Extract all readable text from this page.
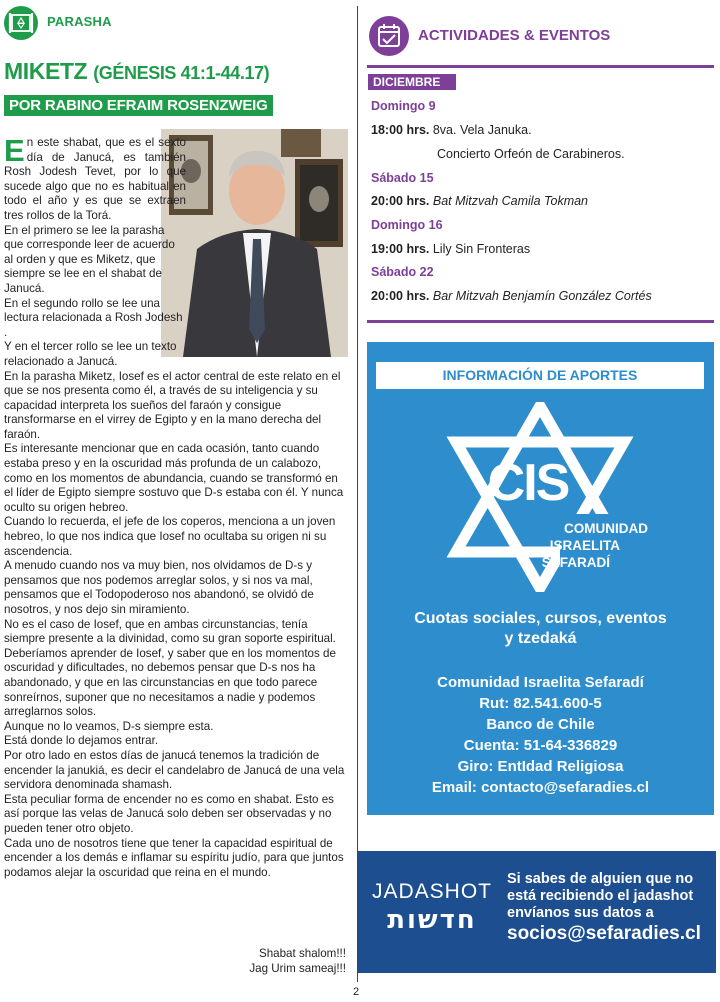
PARASHA
MIKETZ (GÉNESIS 41:1-44.17)
POR RABINO EFRAIM ROSENZWEIG

En este shabat, que es el sexto día de Janucá, es también Rosh Jodesh Tevet, por lo que sucede algo que no es habitual en todo el año y es que se extraen tres rollos de la Torá.

En el primero se lee la parasha que corresponde leer de acuerdo al orden y que es Miketz, que siempre se lee en el shabat de Janucá.

En el segundo rollo se lee una lectura relacionada a Rosh Jodesh .

Y en el tercer rollo se lee un texto relacionado a Janucá.

En la parasha Miketz, Iosef es el actor central de este relato en el que se nos presenta como él, a través de su inteligencia y su capacidad interpreta los sueños del faraón y consigue transformarse en el virrey de Egipto y en la mano derecha del faraón.

Es interesante mencionar que en cada ocasión, tanto cuando estaba preso y en la oscuridad más profunda de un calabozo, como en los momentos de abundancia, cuando se transformó en el líder de Egipto siempre sostuvo que D-s estaba con él. Y nunca oculto su origen hebreo.

Cuando lo recuerda, el jefe de los coperos, menciona a un joven hebreo, lo que nos indica que Iosef no ocultaba su origen ni su ascendencia.

A menudo cuando nos va muy bien, nos olvidamos de D-s y pensamos que nos podemos arreglar solos, y si nos va mal, pensamos que el Todopoderoso nos abandonó, se olvidó de nosotros, y nos dejo sin miramiento.

No es el caso de Iosef, que en ambas circunstancias, tenía siempre presente a la divinidad, como su gran soporte espiritual.

Deberíamos aprender de Iosef, y saber que en los momentos de oscuridad y dificultades, no debemos pensar que D-s nos ha abandonado, y que en las circunstancias en que todo parece sonreírnos, suponer que no necesitamos a nadie y podemos arreglarnos solos.

Aunque no lo veamos, D-s siempre esta.

Está donde lo dejamos entrar.

Por otro lado en estos días de janucá tenemos la tradición de encender la janukiá, es decir el candelabro de Janucá de una vela servidora denominada shamash.

Esta peculiar forma de encender no es como en shabat. Esto es así porque las velas de Janucá solo deben ser observadas y no pueden tener otro objeto.

Cada uno de nosotros tiene que tener la capacidad espiritual de encender a los demás e inflamar su espíritu judío, para que juntos podamos alejar la oscuridad que reina en el mundo.

Shabat shalom!!!
Jag Urim sameaj!!!
2
ACTIVIDADES & EVENTOS
DICIEMBRE
Domingo 9
18:00 hrs. 8va. Vela Januka.
Concierto Orfeón de Carabineros.
Sábado 15
20:00 hrs. Bat Mitzvah Camila Tokman
Domingo 16
19:00 hrs. Lily Sin Fronteras
Sábado 22
20:00 hrs. Bar Mitzvah Benjamín González Cortés
INFORMACIÓN DE APORTES
CIS
COMUNIDAD
ISRAELITA
SEFARADÍ
Cuotas sociales, cursos, eventos
y tzedaká
Comunidad Israelita Sefaradí
Rut: 82.541.600-5
Banco de Chile
Cuenta: 51-64-336829
Giro: EntIdad Religiosa
Email: contacto@sefaradies.cl
JADASHOT
חדשות
Si sabes de alguien que no
está recibiendo el jadashot
envíanos sus datos a
socios@sefaradies.cl
